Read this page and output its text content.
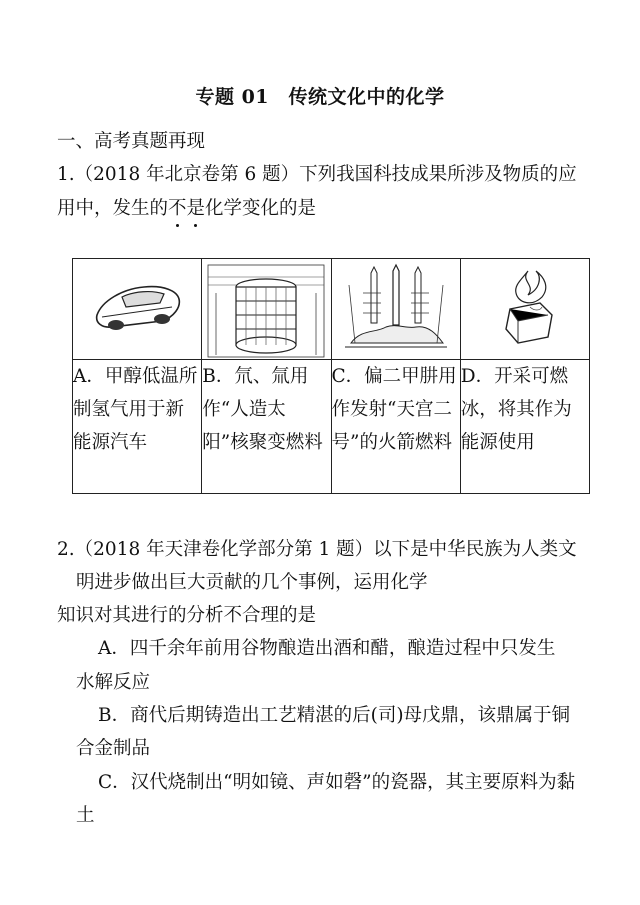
专题 01　传统文化中的化学
一、高考真题再现
1.（2018 年北京卷第 6 题）下列我国科技成果所涉及物质的应
用中，发生的不是化学变化的是

A．甲醇低温所制氢气用于新能源汽车	B．氘、氚用作“人造太阳”核聚变燃料	C．偏二甲肼用作发射“天宫二号”的火箭燃料	D．开采可燃冰，将其作为能源使用
2.（2018 年天津卷化学部分第 1 题）以下是中华民族为人类文
明进步做出巨大贡献的几个事例，运用化学
知识对其进行的分析不合理的是
A．四千余年前用谷物酿造出酒和醋，酿造过程中只发生
水解反应
B．商代后期铸造出工艺精湛的后(司)母戊鼎，该鼎属于铜
合金制品
C．汉代烧制出“明如镜、声如磬”的瓷器，其主要原料为黏
土
